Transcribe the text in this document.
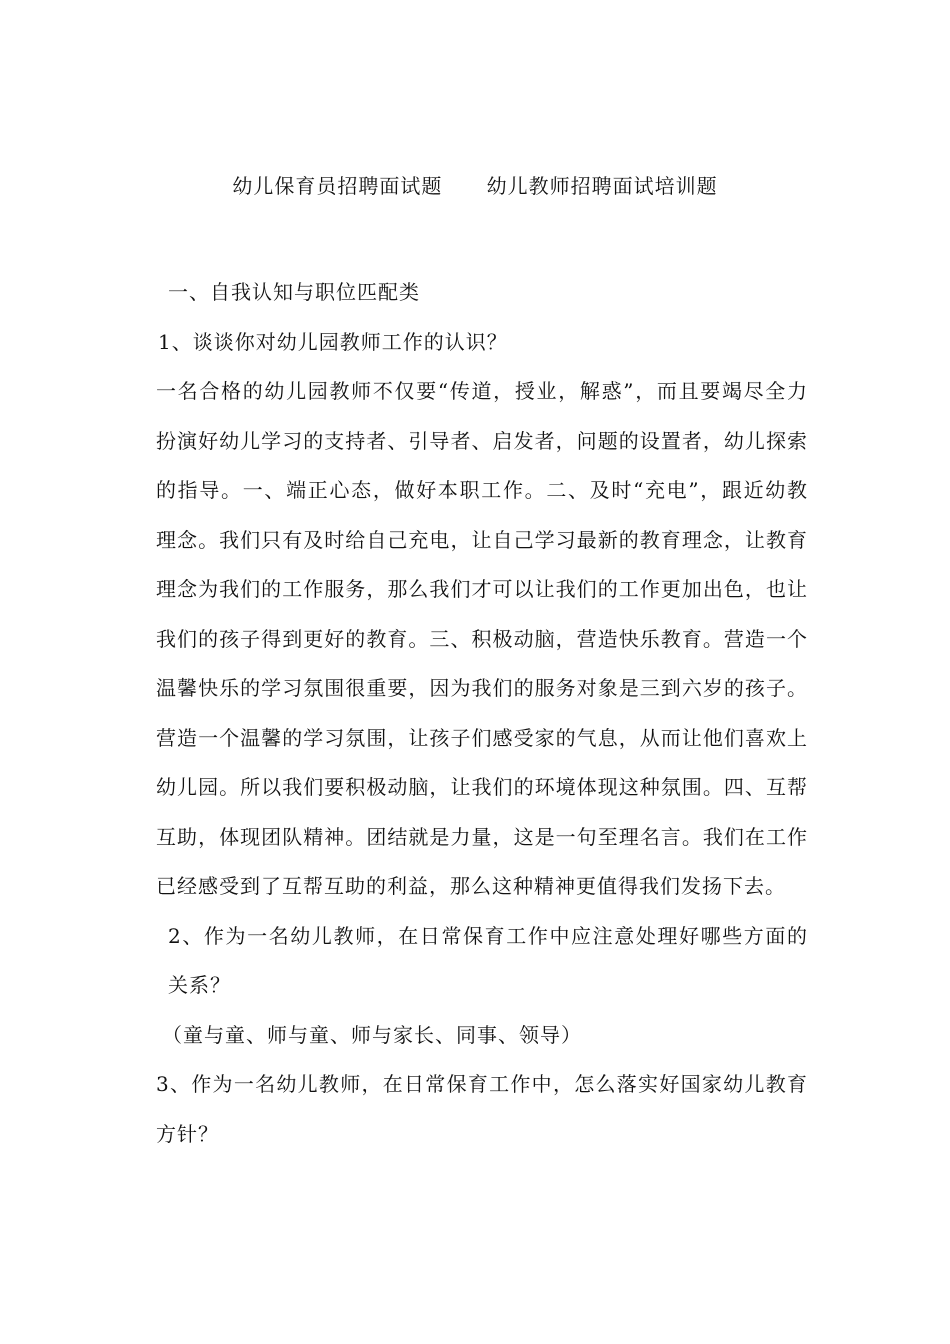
幼儿保育员招聘面试题      幼儿教师招聘面试培训题

一、自我认知与职位匹配类

1、谈谈你对幼儿园教师工作的认识？

一名合格的幼儿园教师不仅要“传道，授业，解惑”，而且要竭尽全力扮演好幼儿学习的支持者、引导者、启发者，问题的设置者，幼儿探索的指导。一、端正心态，做好本职工作。二、及时“充电”，跟近幼教理念。我们只有及时给自己充电，让自己学习最新的教育理念，让教育理念为我们的工作服务，那么我们才可以让我们的工作更加出色，也让我们的孩子得到更好的教育。三、积极动脑，营造快乐教育。营造一个温馨快乐的学习氛围很重要，因为我们的服务对象是三到六岁的孩子。营造一个温馨的学习氛围，让孩子们感受家的气息，从而让他们喜欢上幼儿园。所以我们要积极动脑，让我们的环境体现这种氛围。四、互帮互助，体现团队精神。团结就是力量，这是一句至理名言。我们在工作已经感受到了互帮互助的利益，那么这种精神更值得我们发扬下去。

2、作为一名幼儿教师，在日常保育工作中应注意处理好哪些方面的关系？

（童与童、师与童、师与家长、同事、领导）

3、作为一名幼儿教师，在日常保育工作中，怎么落实好国家幼儿教育方针？
